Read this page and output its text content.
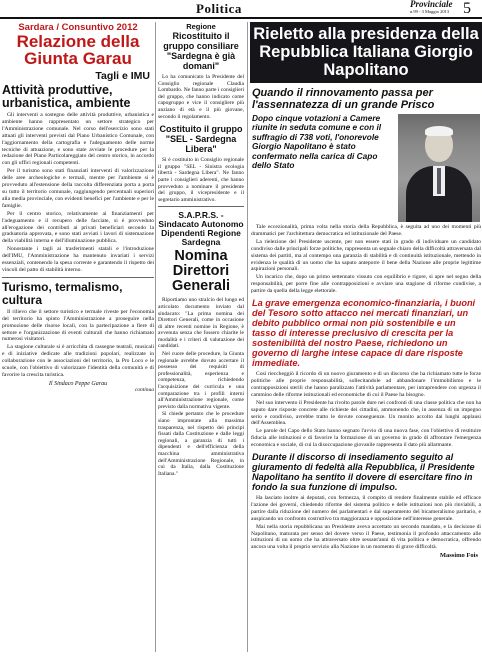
Politica	Provinciale
n.99 - 3 Maggio 2013 5
Sardara / Consuntivo 2012
Relazione della Giunta Garau
Tagli e IMU
Attività produttive, urbanistica, ambiente

Gli interventi a sostegno delle attività produttive, urbanistica e ambiente hanno rappresentato un settore strategico per l'Amministrazione comunale. Nel corso dell'esercizio sono stati attuati gli interventi previsti dal Piano Urbanistico Comunale, con l'aggiornamento della cartografia e l'adeguamento delle norme tecniche di attuazione, e sono state avviate le procedure per la redazione del Piano Particolareggiato del centro storico, in accordo con gli uffici regionali competenti.

Per il turismo sono stati finanziati interventi di valorizzazione delle aree archeologiche e termali, mentre per l'ambiente si è provveduto all'estensione della raccolta differenziata porta a porta su tutto il territorio comunale, raggiungendo percentuali superiori alla media provinciale, con evidenti benefici per l'ambiente e per le famiglie.

Per il centro storico, relativamente ai finanziamenti per l'adeguamento e il recupero delle facciate, si è provveduto all'erogazione dei contributi ai privati beneficiari secondo la graduatoria approvata, e sono stati avviati i lavori di sistemazione della viabilità interna e dell'illuminazione pubblica.

Nonostante i tagli ai trasferimenti statali e l'introduzione dell'IMU, l'Amministrazione ha mantenuto invariati i servizi essenziali, contenendo la spesa corrente e garantendo il rispetto dei vincoli del patto di stabilità interno.

Turismo, termalismo, cultura

Il rilievo che il settore turistico e termale riveste per l'economia del territorio ha spinto l'Amministrazione a proseguire nella promozione delle risorse locali, con la partecipazione a fiere di settore e l'organizzazione di eventi culturali che hanno richiamato numerosi visitatori.

La stagione culturale si è arricchita di rassegne teatrali, musicali e di iniziative dedicate alle tradizioni popolari, realizzate in collaborazione con le associazioni del territorio, la Pro Loco e le scuole, con l'obiettivo di valorizzare l'identità della comunità e di favorire la crescita turistica.

Il Sindaco Peppe Garau
continua
Regione
Ricostituito il gruppo consiliare "Sardegna è già domani"

Lo ha comunicato la Presidente del Consiglio regionale Claudia Lombardo. Ne fanno parte i consiglieri del gruppo, che hanno indicato come capogruppo e vice il consigliere più anziano di età e il più giovane, secondo il regolamento.

Costituito il gruppo "SEL - Sardegna Libera"

Si è costituito in Consiglio regionale il gruppo "SEL - Sinistra ecologia libertà - Sardegna Libera". Ne fanno parte i consiglieri aderenti, che hanno provveduto a nominare il presidente del gruppo, il vicepresidente e il segretario amministrativo.

S.A.P.R.S. - Sindacato Autonomo Dipendenti Regione Sardegna
Nomina Direttori Generali

Riportiamo uno stralcio del lungo ed articolato documento inviato dal sindacato: "La prima nomina dei Direttori Generali, come in occasione di altre recenti nomine in Regione, è avvenuta senza che fossero chiarite le modalità e i criteri di valutazione dei candidati.

Nel cuore delle procedure, la Giunta regionale avrebbe dovuto accertare il possesso dei requisiti di professionalità, esperienza e competenza, richiedendo l'acquisizione dei curricula e una comparazione tra i profili interni all'Amministrazione regionale, come previsto dalla normativa vigente.

Si chiede pertanto che le procedure siano improntate alla massima trasparenza, nel rispetto dei principi fissati dalla Costituzione e dalle leggi regionali, a garanzia di tutti i dipendenti e dell'efficienza della macchina amministrativa dell'Amministrazione Regionale, in cui da Italia, dalla Costituzione Italiana."

Rieletto alla presidenza della Repubblica Italiana Giorgio Napolitano
Quando il rinnovamento passa per l'assennatezza di un grande Prisco
Dopo cinque votazioni a Camere riunite in seduta comune e con il suffragio di 738 voti, l'onorevole Giorgio Napolitano è stato confermato nella carica di Capo dello Stato

Tale eccezionalità, prima volta nella storia della Repubblica, è seguita ad uno dei momenti più drammatici per l'architettura democratica ed istituzionale del Paese.

La rielezione del Presidente uscente, per non essere stati in grado di individuare un candidato condiviso dalle principali forze politiche, rappresenta un segnale chiaro della difficoltà attraversata dal sistema dei partiti, ma al contempo una garanzia di stabilità e di continuità istituzionale, mettendo in evidenza le qualità di un uomo che ha saputo anteporre il bene della Nazione alle proprie legittime aspirazioni personali.

Un incarico che, dopo un primo settennato vissuto con equilibrio e rigore, si apre nel segno della responsabilità, per porre fine alle contrapposizioni e avviare una stagione di riforme condivise, a partire da quella della legge elettorale.

La grave emergenza economico-finanziaria, i buoni del Tesoro sotto attacco nei mercati finanziari, un debito pubblico ormai non più sostenibile e un tasso di interesse preclusivo di crescita per la sostenibilità del nostro Paese, richiedono un governo di larghe intese capace di dare risposte immediate.

Così rieccheggiò il ricordo di un nuovo giuramento e di un discorso che ha richiamato tutte le forze politiche alle proprie responsabilità, sollecitandole ad abbandonare l'immobilismo e le contrapposizioni sterili che hanno paralizzato l'attività parlamentare, per intraprendere con urgenza il cammino delle riforme istituzionali ed economiche di cui il Paese ha bisogno.

Nel suo intervento il Presidente ha rivolto parole dure nei confronti di una classe politica che non ha saputo dare risposte concrete alle richieste dei cittadini, ammonendo che, in assenza di un impegno serio e condiviso, avrebbe tratto le dovute conseguenze. Un monito accolto dai lunghi applausi dell'Assemblea.

Le parole del Capo dello Stato hanno segnato l'avvio di una nuova fase, con l'obiettivo di restituire fiducia alle istituzioni e di favorire la formazione di un governo in grado di affrontare l'emergenza economica e sociale, di cui la disoccupazione giovanile rappresenta il dato più allarmante.

Durante il discorso di insediamento seguito al giuramento di fedeltà alla Repubblica, il Presidente Napolitano ha sentito il dovere di esercitare fino in fondo la sua funzione di impulso.

Ha lasciato inoltre ai deputati, con fermezza, il compito di rendere finalmente stabile ed efficace l'azione dei governi, chiedendo riforme del sistema politico e delle istituzioni non più rinviabili, a partire dalla riduzione del numero dei parlamentari e dal superamento del bicameralismo paritario, e auspicando un confronto costruttivo tra maggioranza e opposizione nell'interesse generale.

Mai nella storia repubblicana un Presidente aveva accettato un secondo mandato, e la decisione di Napolitano, maturata per senso del dovere verso il Paese, testimonia il profondo attaccamento alle istituzioni di un uomo che ha attraversato oltre sessant'anni di vita politica e democratica, offrendo ancora una volta il proprio servizio alla Nazione in un momento di grave difficoltà.

Massimo Fois
